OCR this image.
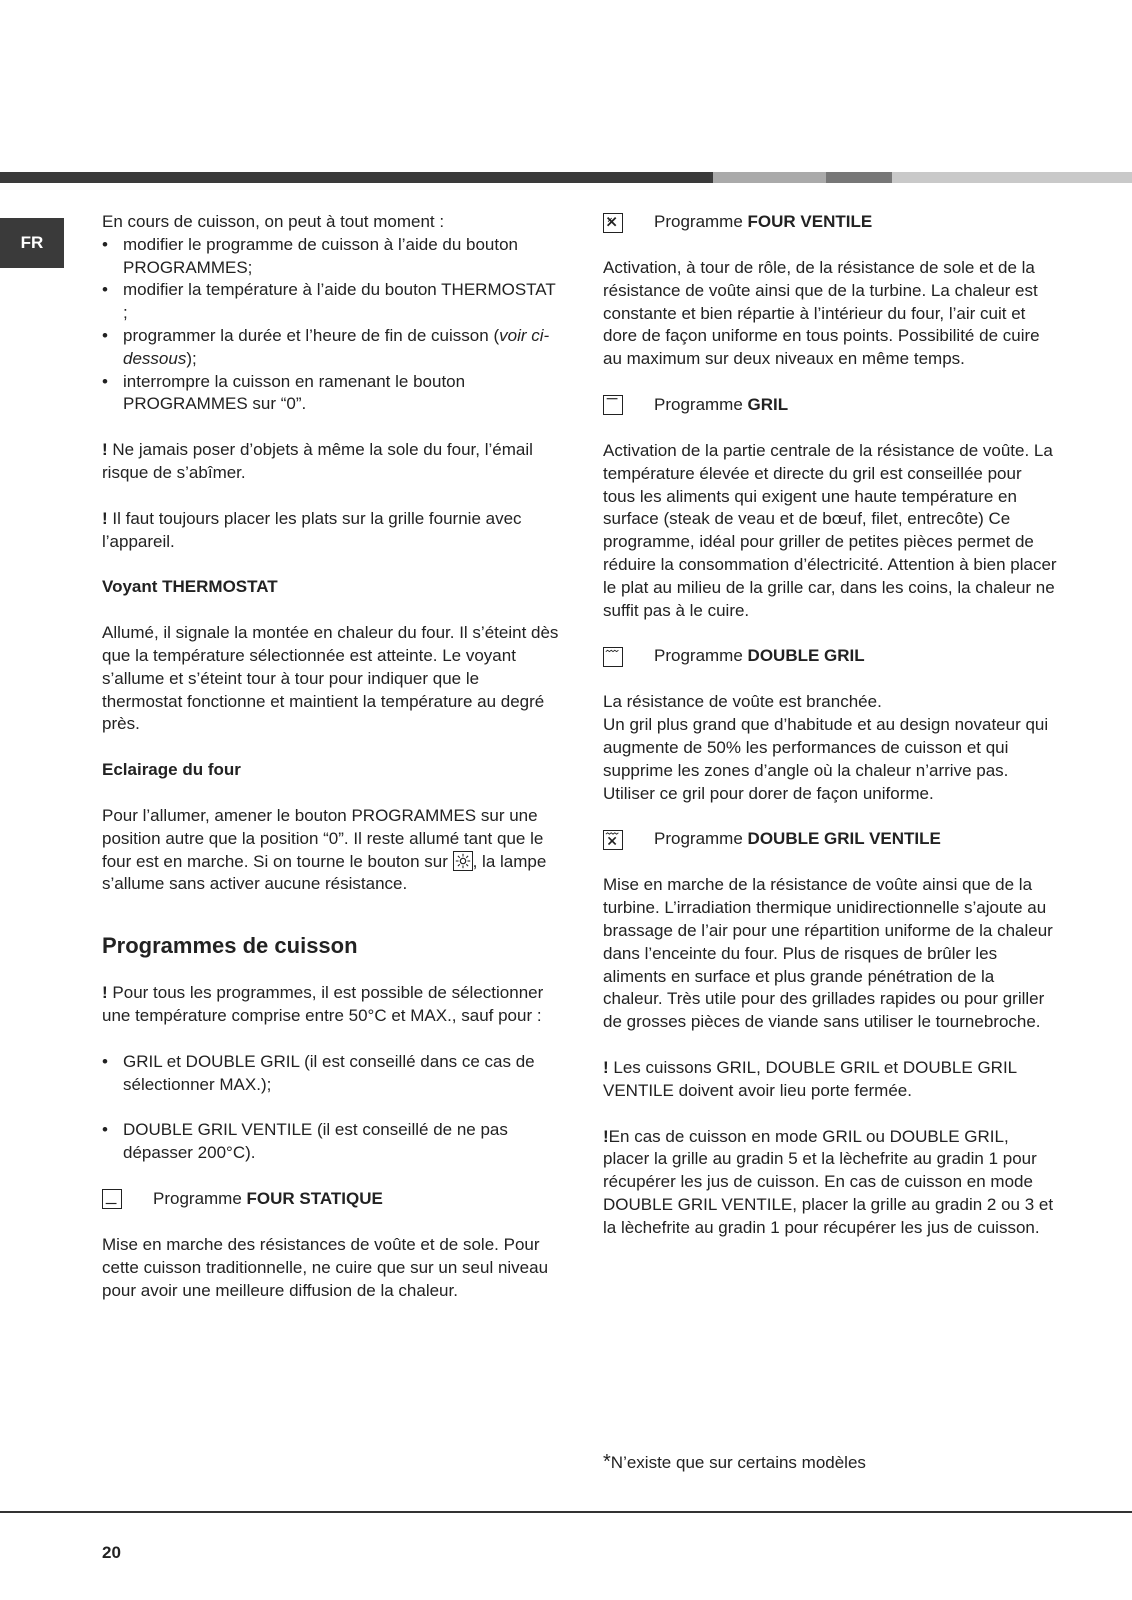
FR

En cours de cuisson, on peut à tout moment :

• modifier le programme de cuisson à l’aide du bouton PROGRAMMES;
• modifier la température à l’aide du bouton THERMOSTAT ;
• programmer la durée et l’heure de fin de cuisson (voir ci-dessous);
• interrompre la cuisson en ramenant le bouton PROGRAMMES sur “0”.

! Ne jamais poser d’objets à même la sole du four, l’émail risque de s’abîmer.

! Il faut toujours placer les plats sur la grille fournie avec l’appareil.

Voyant THERMOSTAT

Allumé, il signale la montée en chaleur du four. Il s’éteint dès que la température sélectionnée est atteinte. Le voyant s’allume et s’éteint tour à tour pour indiquer que le thermostat fonctionne et maintient la température au degré près.

Eclairage du four

Pour l’allumer, amener le bouton PROGRAMMES sur une position autre que la position “0”. Il reste allumé tant que le four est en marche. Si on tourne le bouton sur
, la lampe s’allume sans activer aucune résistance.

Programmes de cuisson

! Pour tous les programmes, il est possible de sélectionner une température comprise entre 50°C et MAX., sauf pour :

• GRIL et DOUBLE GRIL (il est conseillé dans ce cas de sélectionner MAX.);
• DOUBLE GRIL VENTILE (il est conseillé de ne pas dépasser 200°C).
Programme
FOUR STATIQUE

Mise en marche des résistances de voûte et de sole. Pour cette cuisson traditionnelle, ne cuire que sur un seul niveau pour avoir une meilleure diffusion de la chaleur.

Programme
FOUR VENTILE

Activation, à tour de rôle, de la résistance de sole et de la résistance de voûte ainsi que de la turbine. La chaleur est constante et bien répartie à l’intérieur du four, l’air cuit et dore de façon uniforme en tous points. Possibilité de cuire au maximum sur deux niveaux en même temps.

Programme
GRIL

Activation de la partie centrale de la résistance de voûte. La température élevée et directe du gril est conseillée pour tous les aliments qui exigent une haute température en surface (steak de veau et de bœuf, filet, entrecôte) Ce programme, idéal pour griller de petites pièces permet de réduire la consommation d’électricité. Attention à bien placer le plat au milieu de la grille car, dans les coins, la chaleur ne suffit pas à le cuire.

Programme
DOUBLE GRIL

La résistance de voûte est branchée.

Un gril plus grand que d’habitude et au design novateur qui augmente de 50% les performances de cuisson et qui supprime les zones d’angle où la chaleur n’arrive pas. Utiliser ce gril pour dorer de façon uniforme.

Programme
DOUBLE GRIL VENTILE

Mise en marche de la résistance de voûte ainsi que de la turbine. L’irradiation thermique unidirectionnelle s’ajoute au brassage de l’air pour une répartition uniforme de la chaleur dans l’enceinte du four. Plus de risques de brûler les aliments en surface et plus grande pénétration de la chaleur. Très utile pour des grillades rapides ou pour griller de grosses pièces de viande sans utiliser le tournebroche.

! Les cuissons GRIL, DOUBLE GRIL et DOUBLE GRIL VENTILE doivent avoir lieu porte fermée.

!En cas de cuisson en mode GRIL ou DOUBLE GRIL, placer la grille au gradin 5 et la lèchefrite au gradin 1 pour récupérer les jus de cuisson. En cas de cuisson en mode DOUBLE GRIL VENTILE, placer la grille au gradin 2 ou 3 et la lèchefrite au gradin 1 pour récupérer les jus de cuisson.

*N’existe que sur certains modèles
20
